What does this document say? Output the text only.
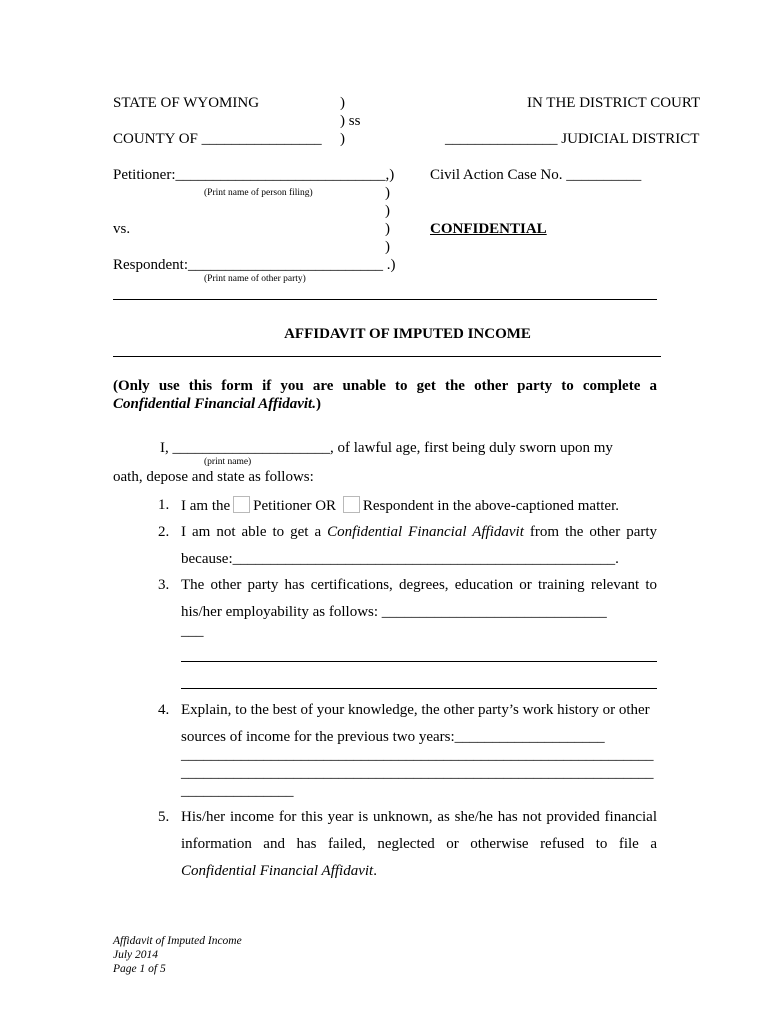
STATE OF WYOMING	)	IN THE DISTRICT COURT
) ss
COUNTY OF ________________ )	_______________ JUDICIAL DISTRICT
Petitioner:____________________________,) Civil Action Case No. __________
(Print name of person filing)	)
)
vs.	)	CONFIDENTIAL
)
Respondent:__________________________ .)
(Print name of other party)
AFFIDAVIT OF IMPUTED INCOME
(Only use this form if you are unable to get the other party to complete a
Confidential Financial Affidavit.)
I, _____________________, of lawful age, first being duly sworn upon my
(print name)
oath, depose and state as follows:
1. I am the Petitioner OR Respondent in the above-captioned matter.
2. I am not able to get a Confidential Financial Affidavit from the other party
because:___________________________________________________.
3. The other party has certifications, degrees, education or training relevant to
his/her employability as follows: ______________________________
___
4. Explain, to the best of your knowledge, the other party’s work history or other
sources of income for the previous two years:____________________
_______________________________________________________________
_______________________________________________________________
_______________
5. His/her income for this year is unknown, as she/he has not provided financial
information and has failed, neglected or otherwise refused to file a
Confidential Financial Affidavit.
Affidavit of Imputed Income
July 2014
Page 1 of 5
